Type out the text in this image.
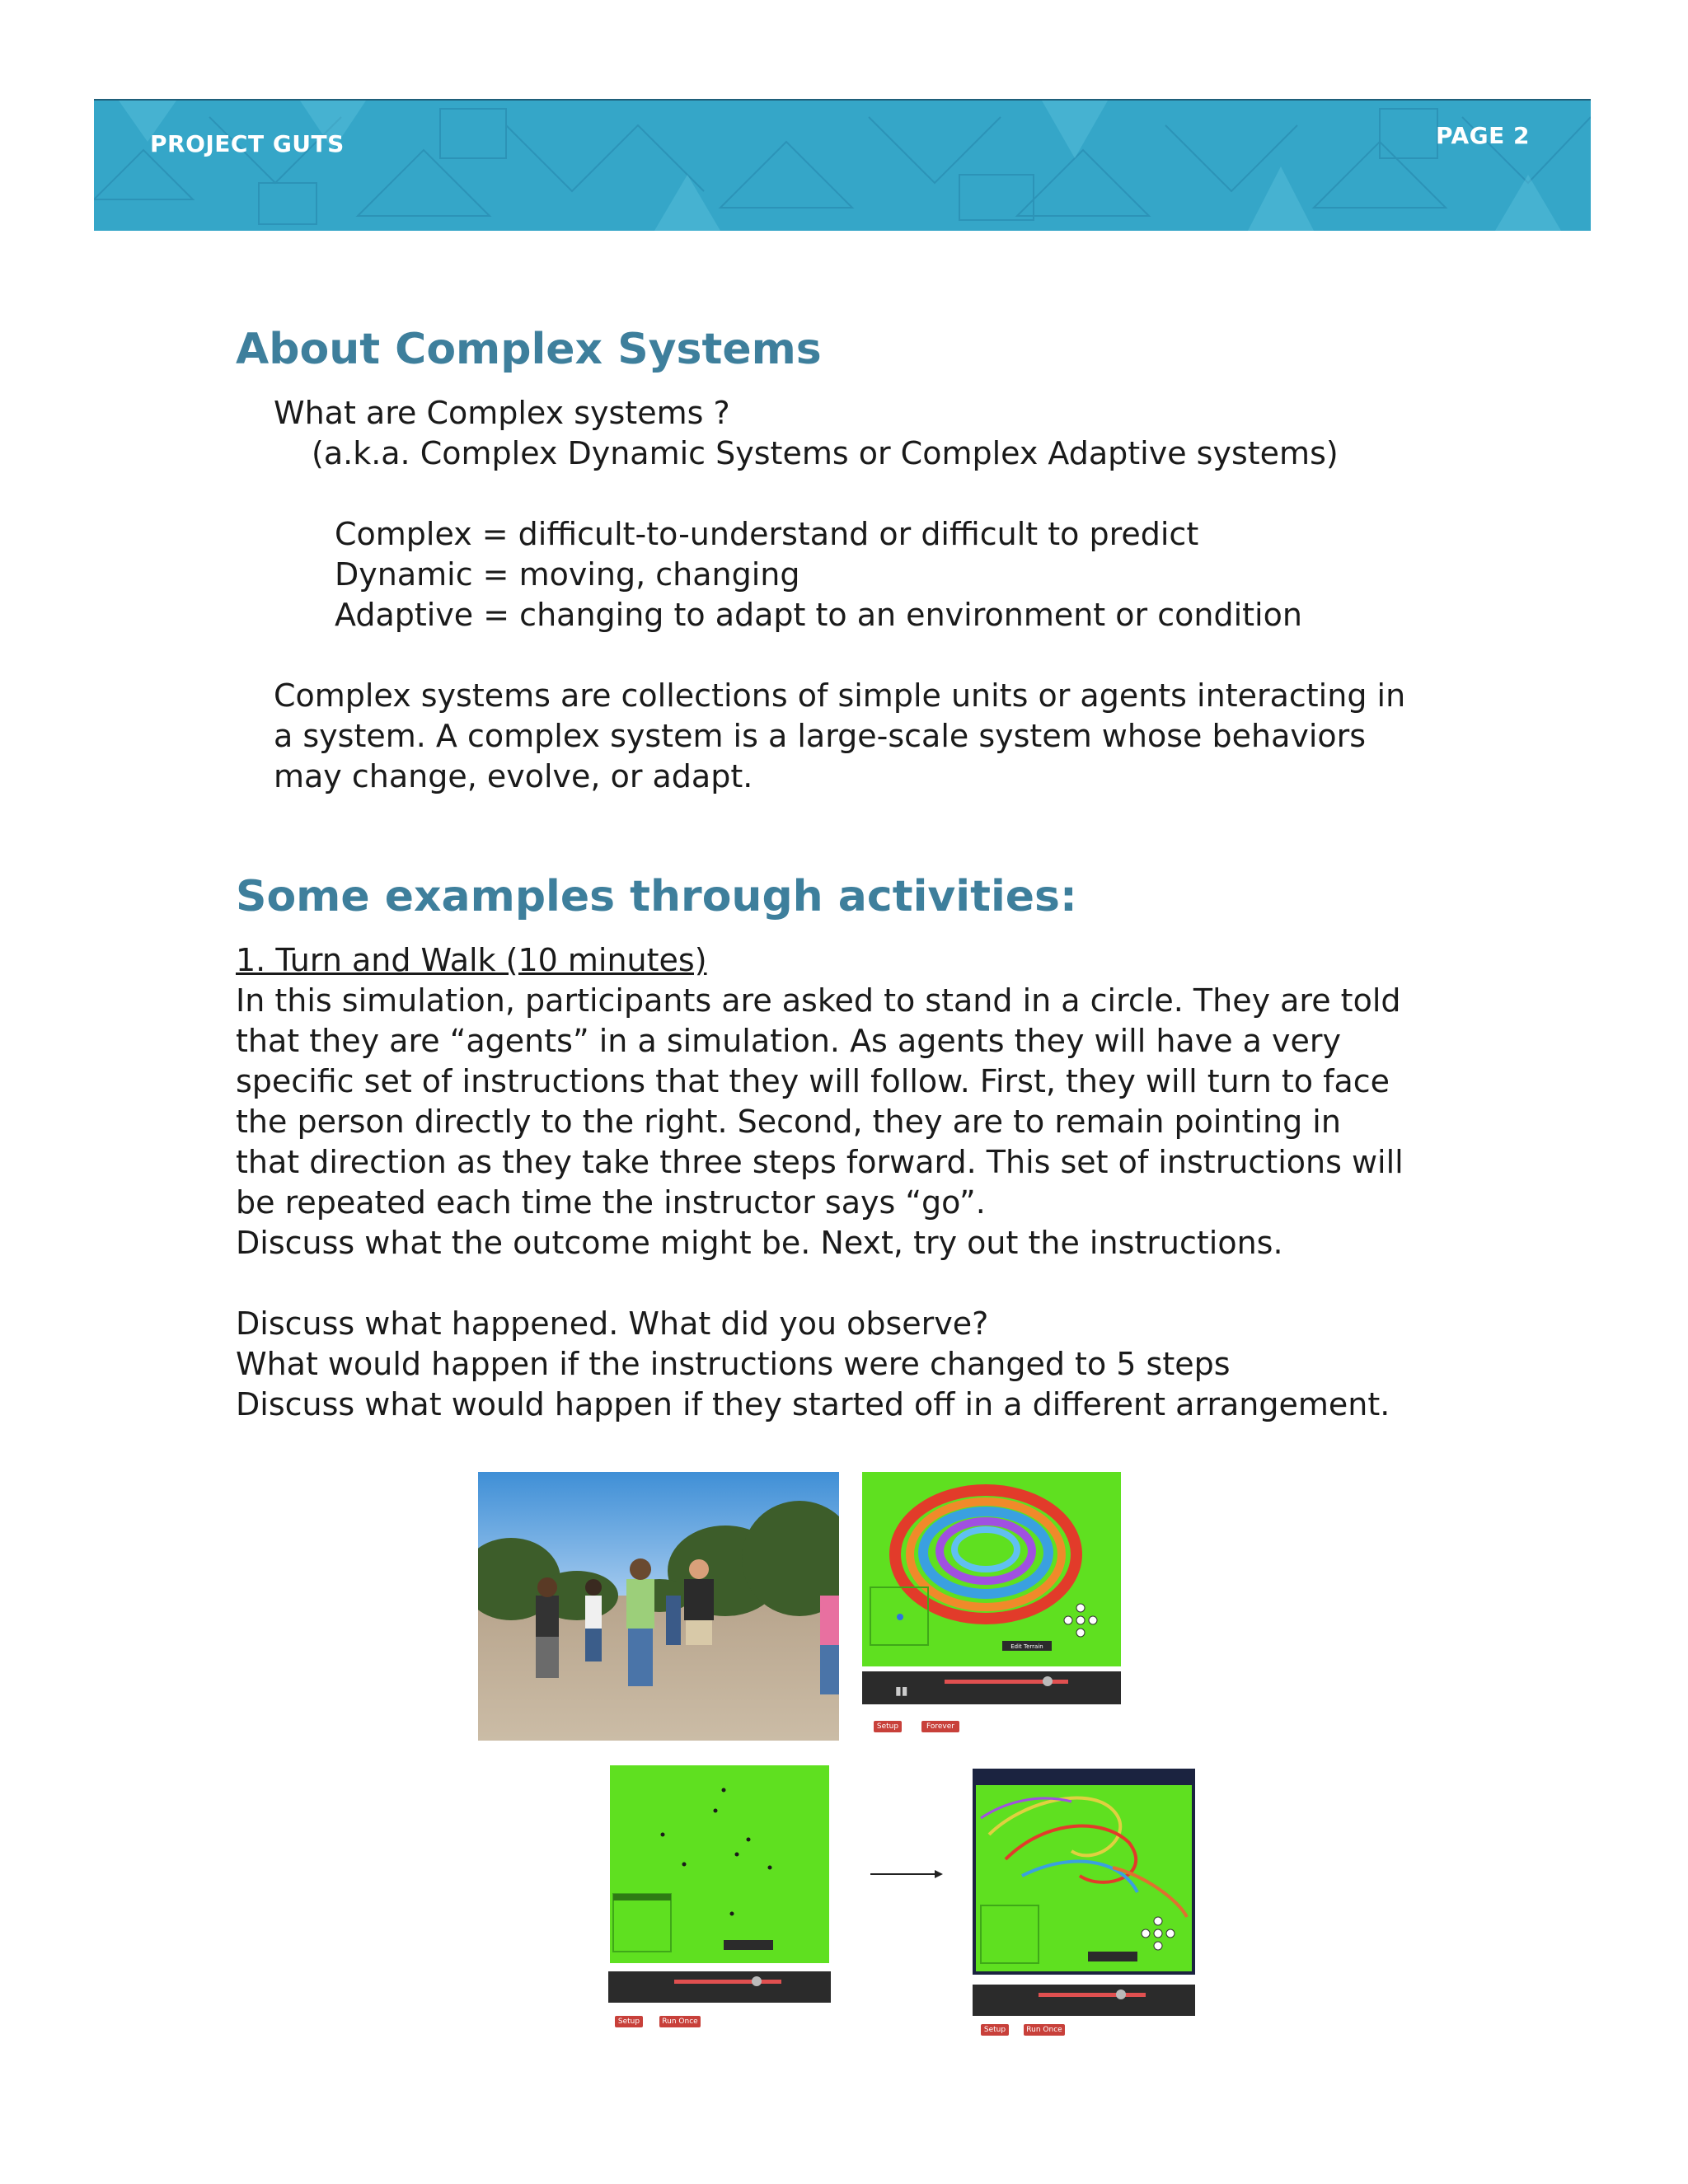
PROJECT GUTS	PAGE 2
About Complex Systems

What are Complex systems ?

(a.k.a. Complex Dynamic Systems or Complex Adaptive systems)

Complex = difficult-to-understand or difficult to predict

Dynamic = moving, changing

Adaptive = changing to adapt to an environment or condition

Complex systems are collections of simple units or agents interacting in

a system. A complex system is a large-scale system whose behaviors

may change, evolve, or adapt.

Some examples through activities:

1. Turn and Walk (10 minutes)

In this simulation, participants are asked to stand in a circle. They are told

that they are “agents” in a simulation. As agents they will have a very

specific set of instructions that they will follow. First, they will turn to face

the person directly to the right. Second, they are to remain pointing in

that direction as they take three steps forward. This set of instructions will

be repeated each time the instructor says “go”.

Discuss what the outcome might be. Next, try out the instructions.

Discuss what happened. What did you observe?

What would happen if the instructions were changed to 5 steps

Discuss what would happen if they started off in a different arrangement.

Edit Terrain
▮▮
Setup	Forever
Setup	Run Once
Setup	Run Once
